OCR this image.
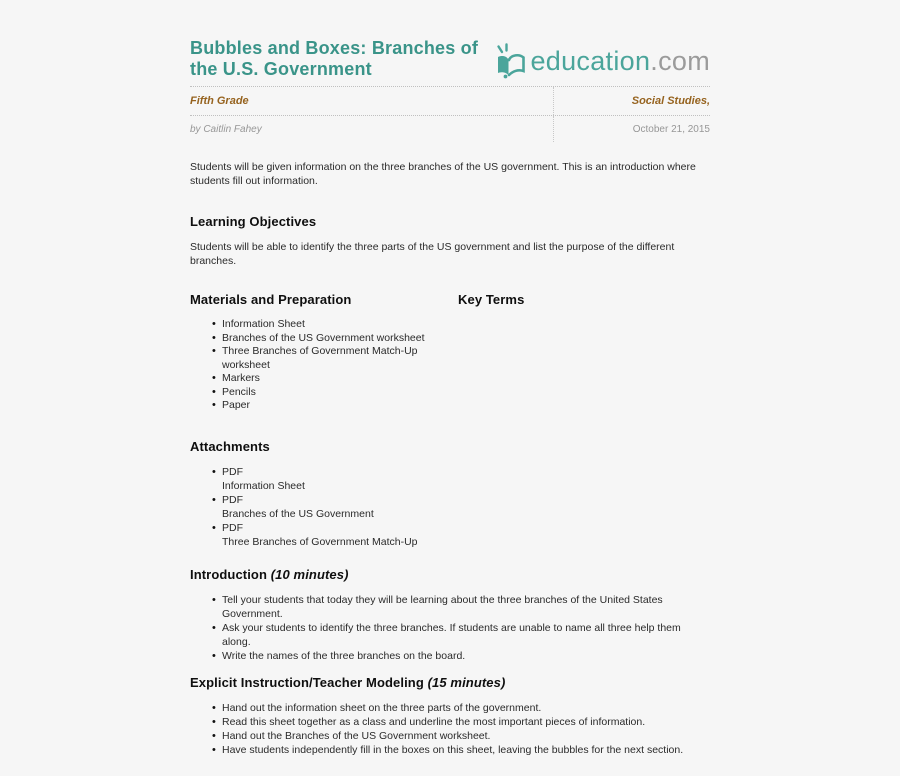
Bubbles and Boxes: Branches of the U.S. Government	education.com
Fifth Grade	Social Studies,
by Caitlin Fahey	October 21, 2015

Students will be given information on the three branches of the US government. This is an introduction where students fill out information.

Learning Objectives

Students will be able to identify the three parts of the US government and list the purpose of the different branches.

Materials and Preparation
• Information Sheet
• Branches of the US Government worksheet
• Three Branches of Government Match-Up worksheet
• Markers
• Pencils
• Paper
Key Terms
Attachments
• PDF
Information Sheet
• PDF
Branches of the US Government
• PDF
Three Branches of Government Match-Up
Introduction (10 minutes)
• Tell your students that today they will be learning about the three branches of the United States Government.
• Ask your students to identify the three branches. If students are unable to name all three help them along.
• Write the names of the three branches on the board.
Explicit Instruction/Teacher Modeling (15 minutes)
• Hand out the information sheet on the three parts of the government.
• Read this sheet together as a class and underline the most important pieces of information.
• Hand out the Branches of the US Government worksheet.
• Have students independently fill in the boxes on this sheet, leaving the bubbles for the next section.
